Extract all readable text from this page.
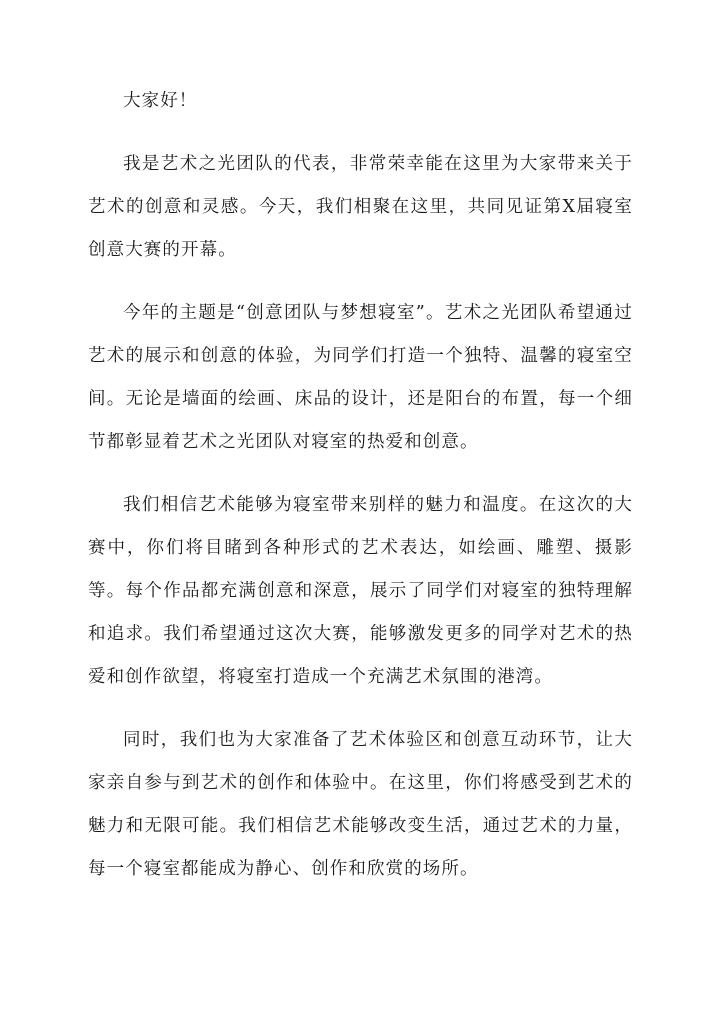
大家好！

我是艺术之光团队的代表，非常荣幸能在这里为大家带来关于艺术的创意和灵感。今天，我们相聚在这里，共同见证第X届寝室创意大赛的开幕。

今年的主题是“创意团队与梦想寝室”。艺术之光团队希望通过艺术的展示和创意的体验，为同学们打造一个独特、温馨的寝室空间。无论是墙面的绘画、床品的设计，还是阳台的布置，每一个细节都彰显着艺术之光团队对寝室的热爱和创意。

我们相信艺术能够为寝室带来别样的魅力和温度。在这次的大赛中，你们将目睹到各种形式的艺术表达，如绘画、雕塑、摄影等。每个作品都充满创意和深意，展示了同学们对寝室的独特理解和追求。我们希望通过这次大赛，能够激发更多的同学对艺术的热爱和创作欲望，将寝室打造成一个充满艺术氛围的港湾。

同时，我们也为大家准备了艺术体验区和创意互动环节，让大家亲自参与到艺术的创作和体验中。在这里，你们将感受到艺术的魅力和无限可能。我们相信艺术能够改变生活，通过艺术的力量，每一个寝室都能成为静心、创作和欣赏的场所。
